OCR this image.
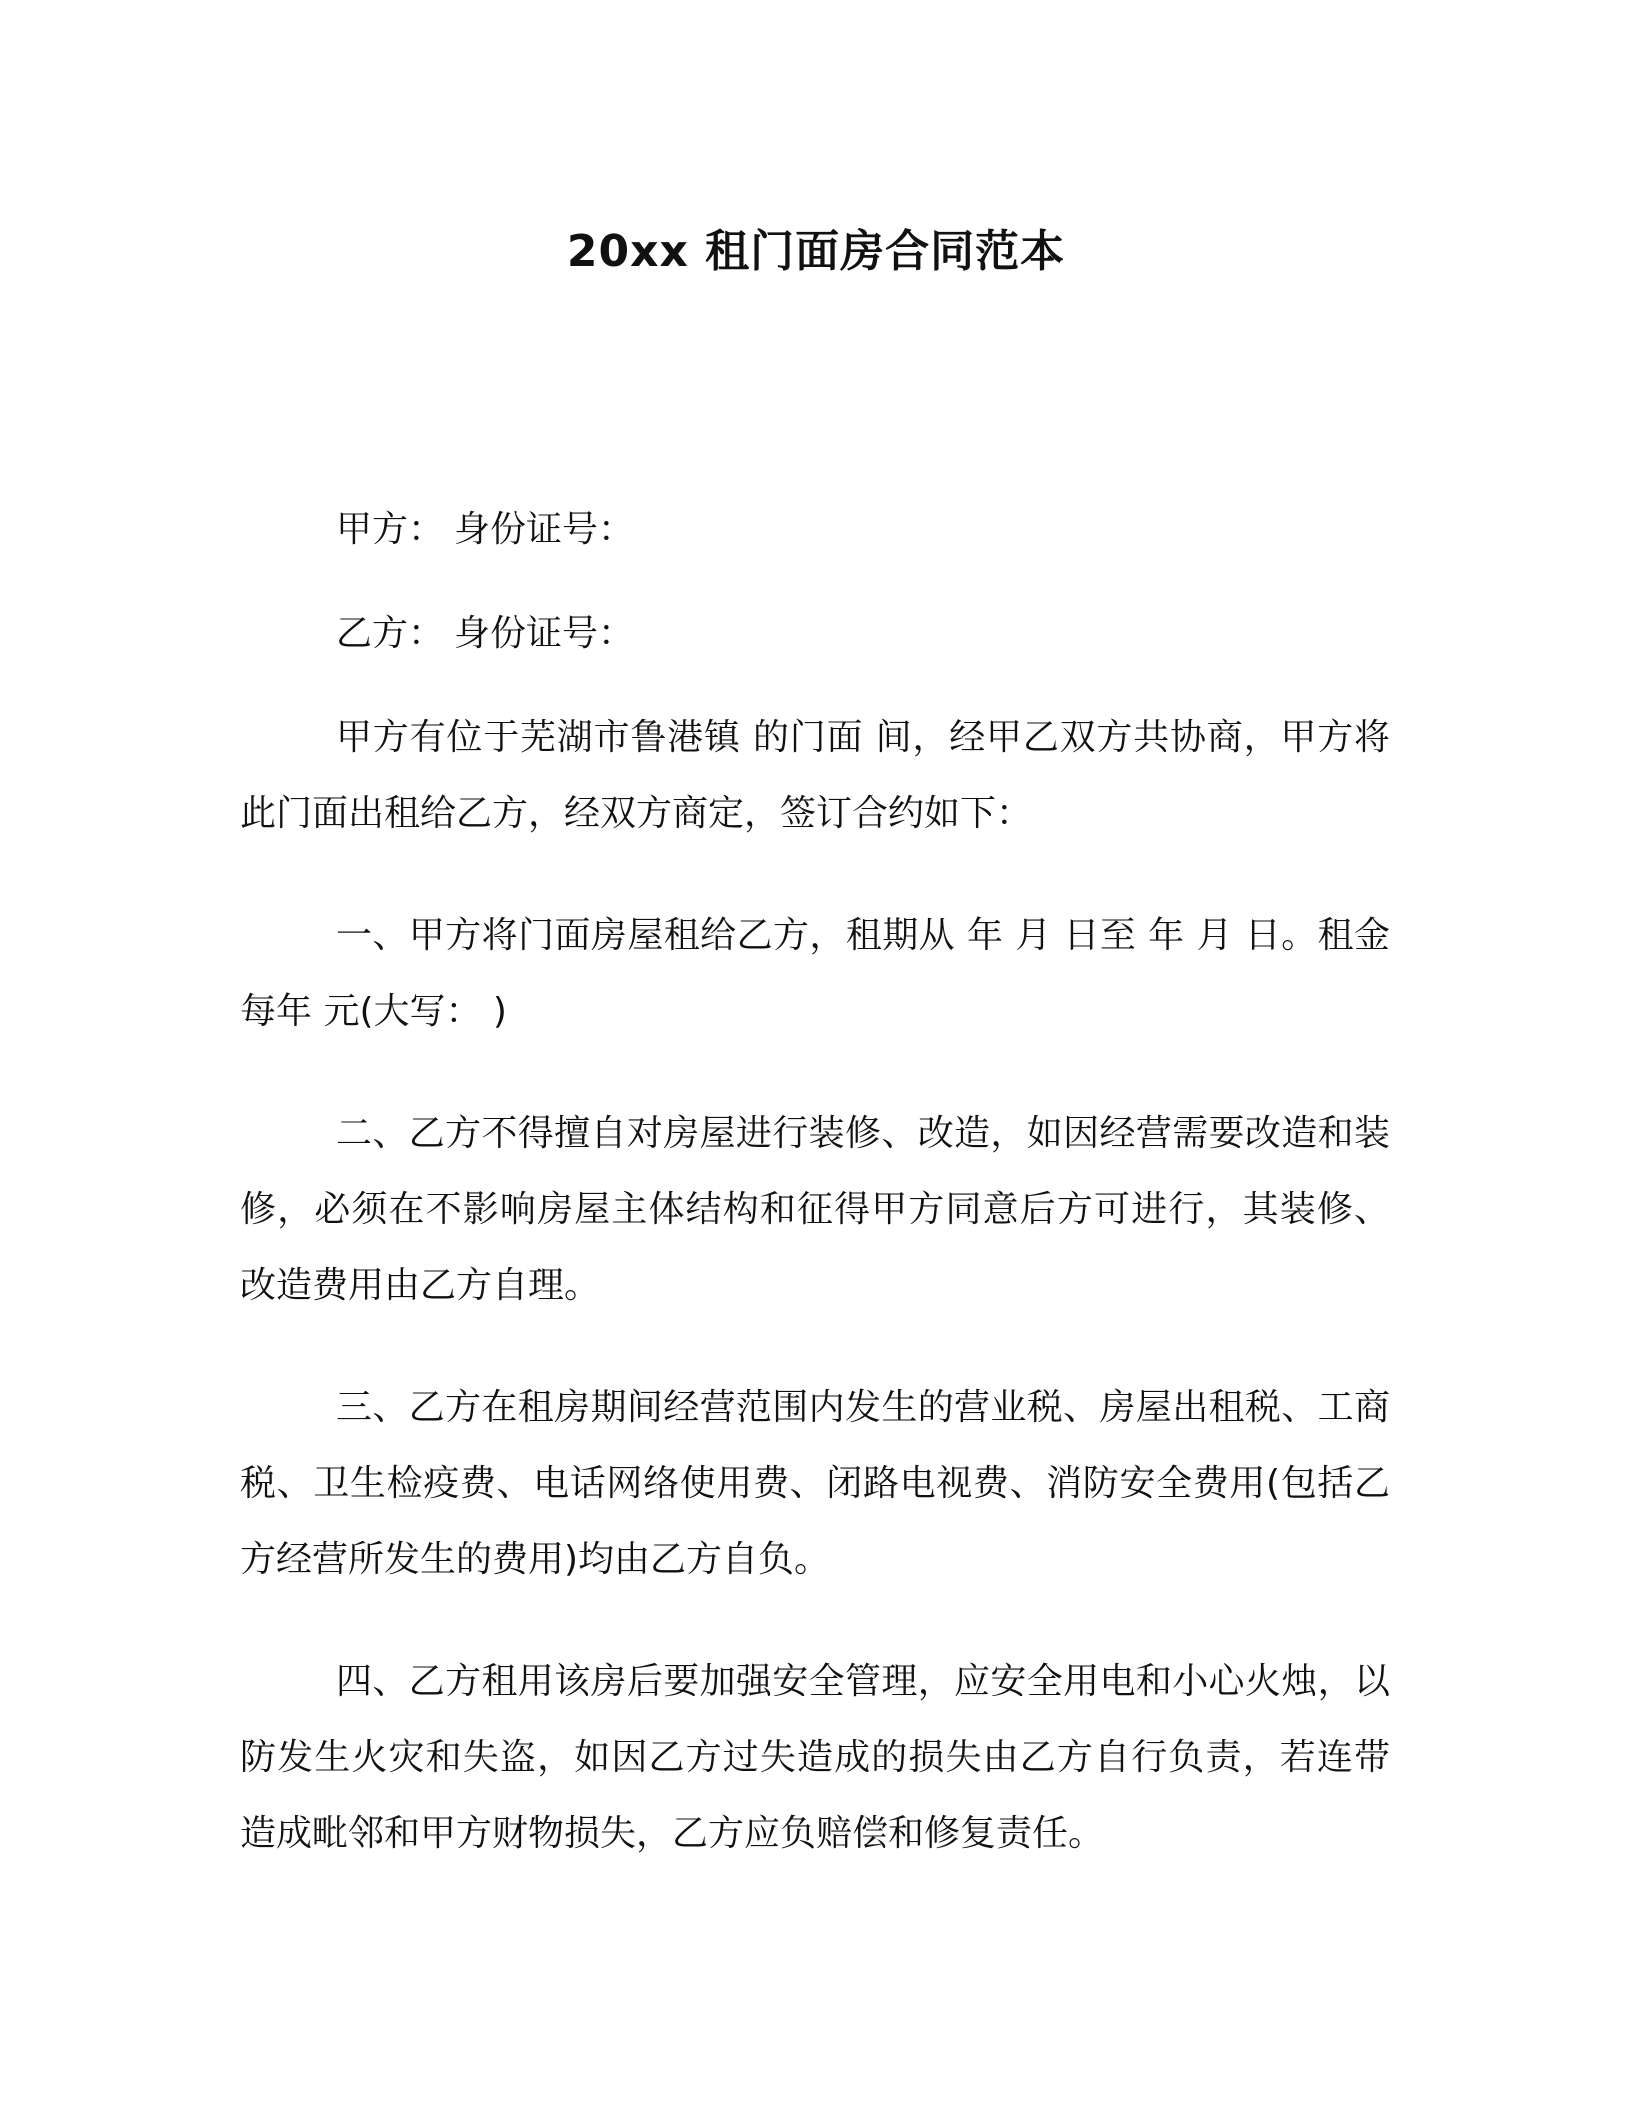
20xx 租门面房合同范本

甲方： 身份证号：

乙方： 身份证号：

甲方有位于芜湖市鲁港镇 的门面 间，经甲乙双方共协商，甲方将此门面出租给乙方，经双方商定，签订合约如下：

一、甲方将门面房屋租给乙方，租期从 年 月 日至 年 月 日。租金每年 元(大写： )

二、乙方不得擅自对房屋进行装修、改造，如因经营需要改造和装修，必须在不影响房屋主体结构和征得甲方同意后方可进行，其装修、改造费用由乙方自理。

三、乙方在租房期间经营范围内发生的营业税、房屋出租税、工商税、卫生检疫费、电话网络使用费、闭路电视费、消防安全费用(包括乙方经营所发生的费用)均由乙方自负。

四、乙方租用该房后要加强安全管理，应安全用电和小心火烛，以防发生火灾和失盗，如因乙方过失造成的损失由乙方自行负责，若连带造成毗邻和甲方财物损失，乙方应负赔偿和修复责任。
